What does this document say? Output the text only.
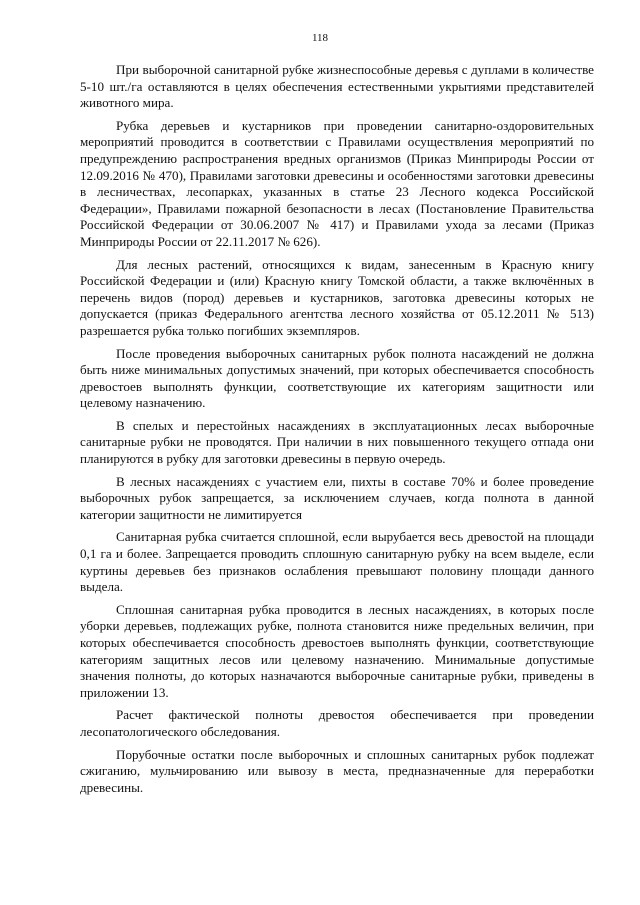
118

При выборочной санитарной рубке жизнеспособные деревья с дуплами в количестве 5-10 шт./га оставляются в целях обеспечения естественными укрытиями представителей животного мира.

Рубка деревьев и кустарников при проведении санитарно-оздоровительных мероприятий проводится в соответствии с Правилами осуществления мероприятий по предупреждению распространения вредных организмов (Приказ Минприроды России от 12.09.2016 № 470), Правилами заготовки древесины и особенностями заготовки древесины в лесничествах, лесопарках, указанных в статье 23 Лесного кодекса Российской Федерации», Правилами пожарной безопасности в лесах (Постановление Правительства Российской Федерации от 30.06.2007 № 417) и Правилами ухода за лесами (Приказ Минприроды России от 22.11.2017 № 626).

Для лесных растений, относящихся к видам, занесенным в Красную книгу Российской Федерации и (или) Красную книгу Томской области, а также включённых в перечень видов (пород) деревьев и кустарников, заготовка древесины которых не допускается (приказ Федерального агентства лесного хозяйства от 05.12.2011 № 513) разрешается рубка только погибших экземпляров.

После проведения выборочных санитарных рубок полнота насаждений не должна быть ниже минимальных допустимых значений, при которых обеспечивается способность древостоев выполнять функции, соответствующие их категориям защитности или целевому назначению.

В спелых и перестойных насаждениях в эксплуатационных лесах выборочные санитарные рубки не проводятся. При наличии в них повышенного текущего отпада они планируются в рубку для заготовки древесины в первую очередь.

В лесных насаждениях с участием ели, пихты в составе 70% и более проведение выборочных рубок запрещается, за исключением случаев, когда полнота в данной категории защитности не лимитируется

Санитарная рубка считается сплошной, если вырубается весь древостой на площади 0,1 га и более. Запрещается проводить сплошную санитарную рубку на всем выделе, если куртины деревьев без признаков ослабления превышают половину площади данного выдела.

Сплошная санитарная рубка проводится в лесных насаждениях, в которых после уборки деревьев, подлежащих рубке, полнота становится ниже предельных величин, при которых обеспечивается способность древостоев выполнять функции, соответствующие категориям защитных лесов или целевому назначению. Минимальные допустимые значения полноты, до которых назначаются выборочные санитарные рубки, приведены в приложении 13.

Расчет фактической полноты древостоя обеспечивается при проведении лесопатологического обследования.

Порубочные остатки после выборочных и сплошных санитарных рубок подлежат сжиганию, мульчированию или вывозу в места, предназначенные для переработки древесины.
